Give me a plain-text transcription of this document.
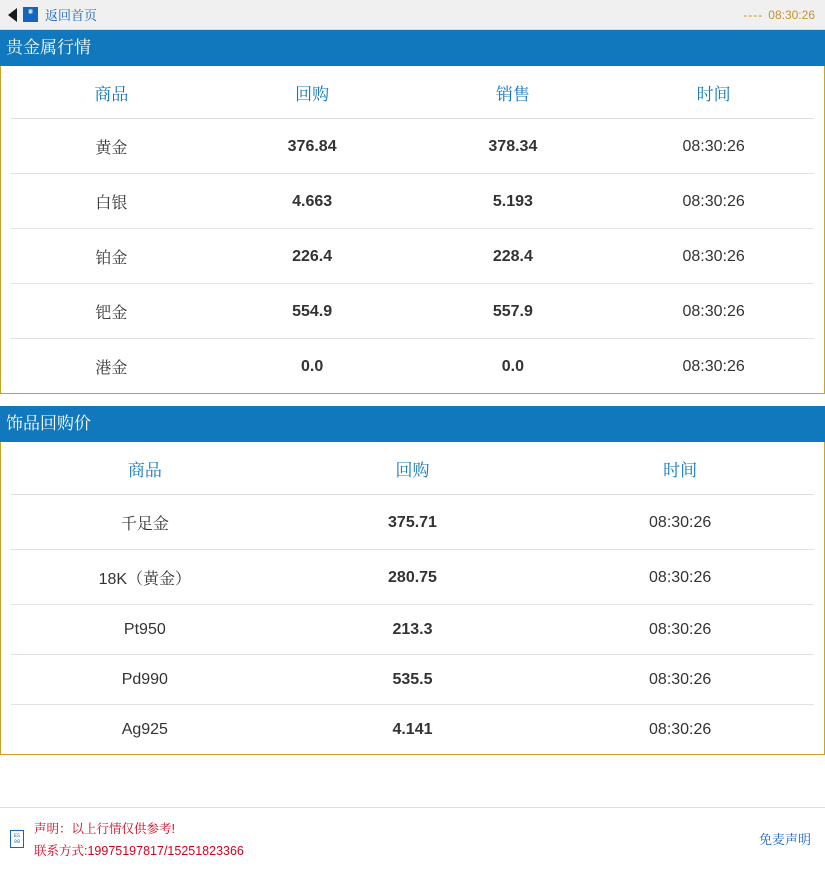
▦ 返回首页	---- 08:30:26
贵金属行情
商品	回购	销售	时间
黄金	376.84	378.34	08:30:26
白银	4.663	5.193	08:30:26
铂金	226.4	228.4	08:30:26
钯金	554.9	557.9	08:30:26
港金	0.0	0.0	08:30:26
饰品回购价
商品	回购	时间
千足金	375.71	08:30:26
18K（黄金）	280.75	08:30:26
Pt950	213.3	08:30:26
Pd990	535.5	08:30:26
Ag925	4.141	08:30:26
ES
00
声明：以上行情仅供参考!
联系方式:19975197817/15251823366
免麦声明
